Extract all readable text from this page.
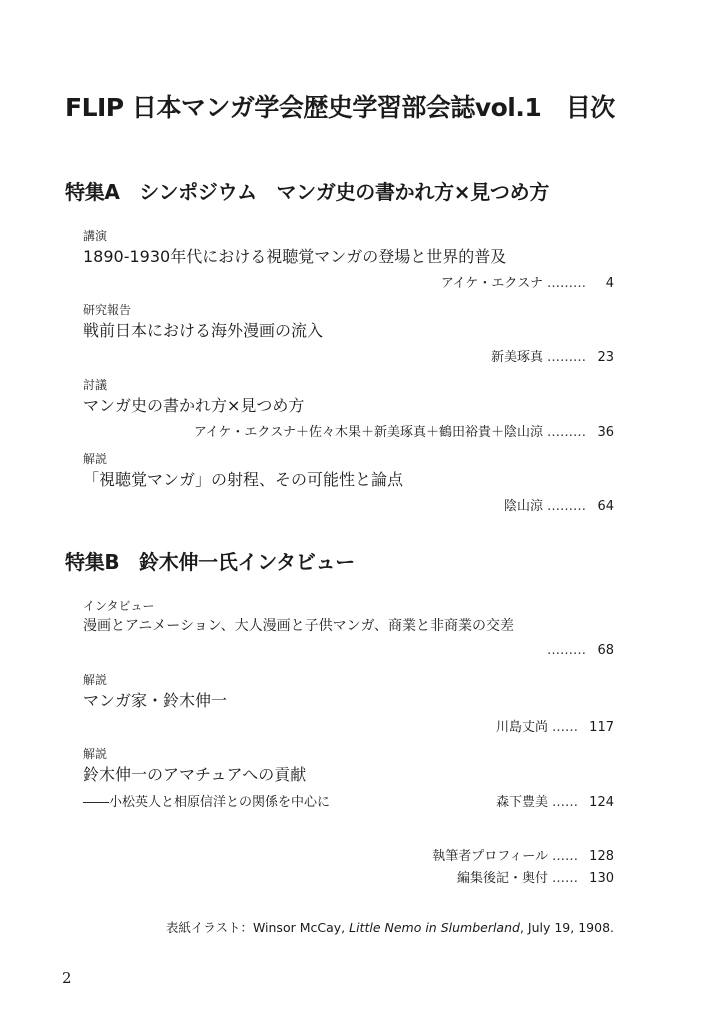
FLIP 日本マンガ学会歴史学習部会誌vol.1　目次
特集A　シンポジウム　マンガ史の書かれ方×見つめ方
講演
1890-1930年代における視聴覚マンガの登場と世界的普及
アイケ・エクスナ ……… 4
研究報告
戦前日本における海外漫画の流入
新美琢真 ……… 23
討議
マンガ史の書かれ方×見つめ方
アイケ・エクスナ＋佐々木果＋新美琢真＋鶴田裕貴＋陰山涼 ……… 36
解説
「視聴覚マンガ」の射程、その可能性と論点
陰山涼 ……… 64
特集B　鈴木伸一氏インタビュー
インタビュー
漫画とアニメーション、大人漫画と子供マンガ、商業と非商業の交差
……… 68
解説
マンガ家・鈴木伸一
川島丈尚 …… 117
解説
鈴木伸一のアマチュアへの貢献
――小松英人と相原信洋との関係を中心に	森下豊美 …… 124
執筆者プロフィール …… 128
編集後記・奥付 …… 130
表紙イラスト：Winsor McCay, Little Nemo in Slumberland, July 19, 1908.
2
